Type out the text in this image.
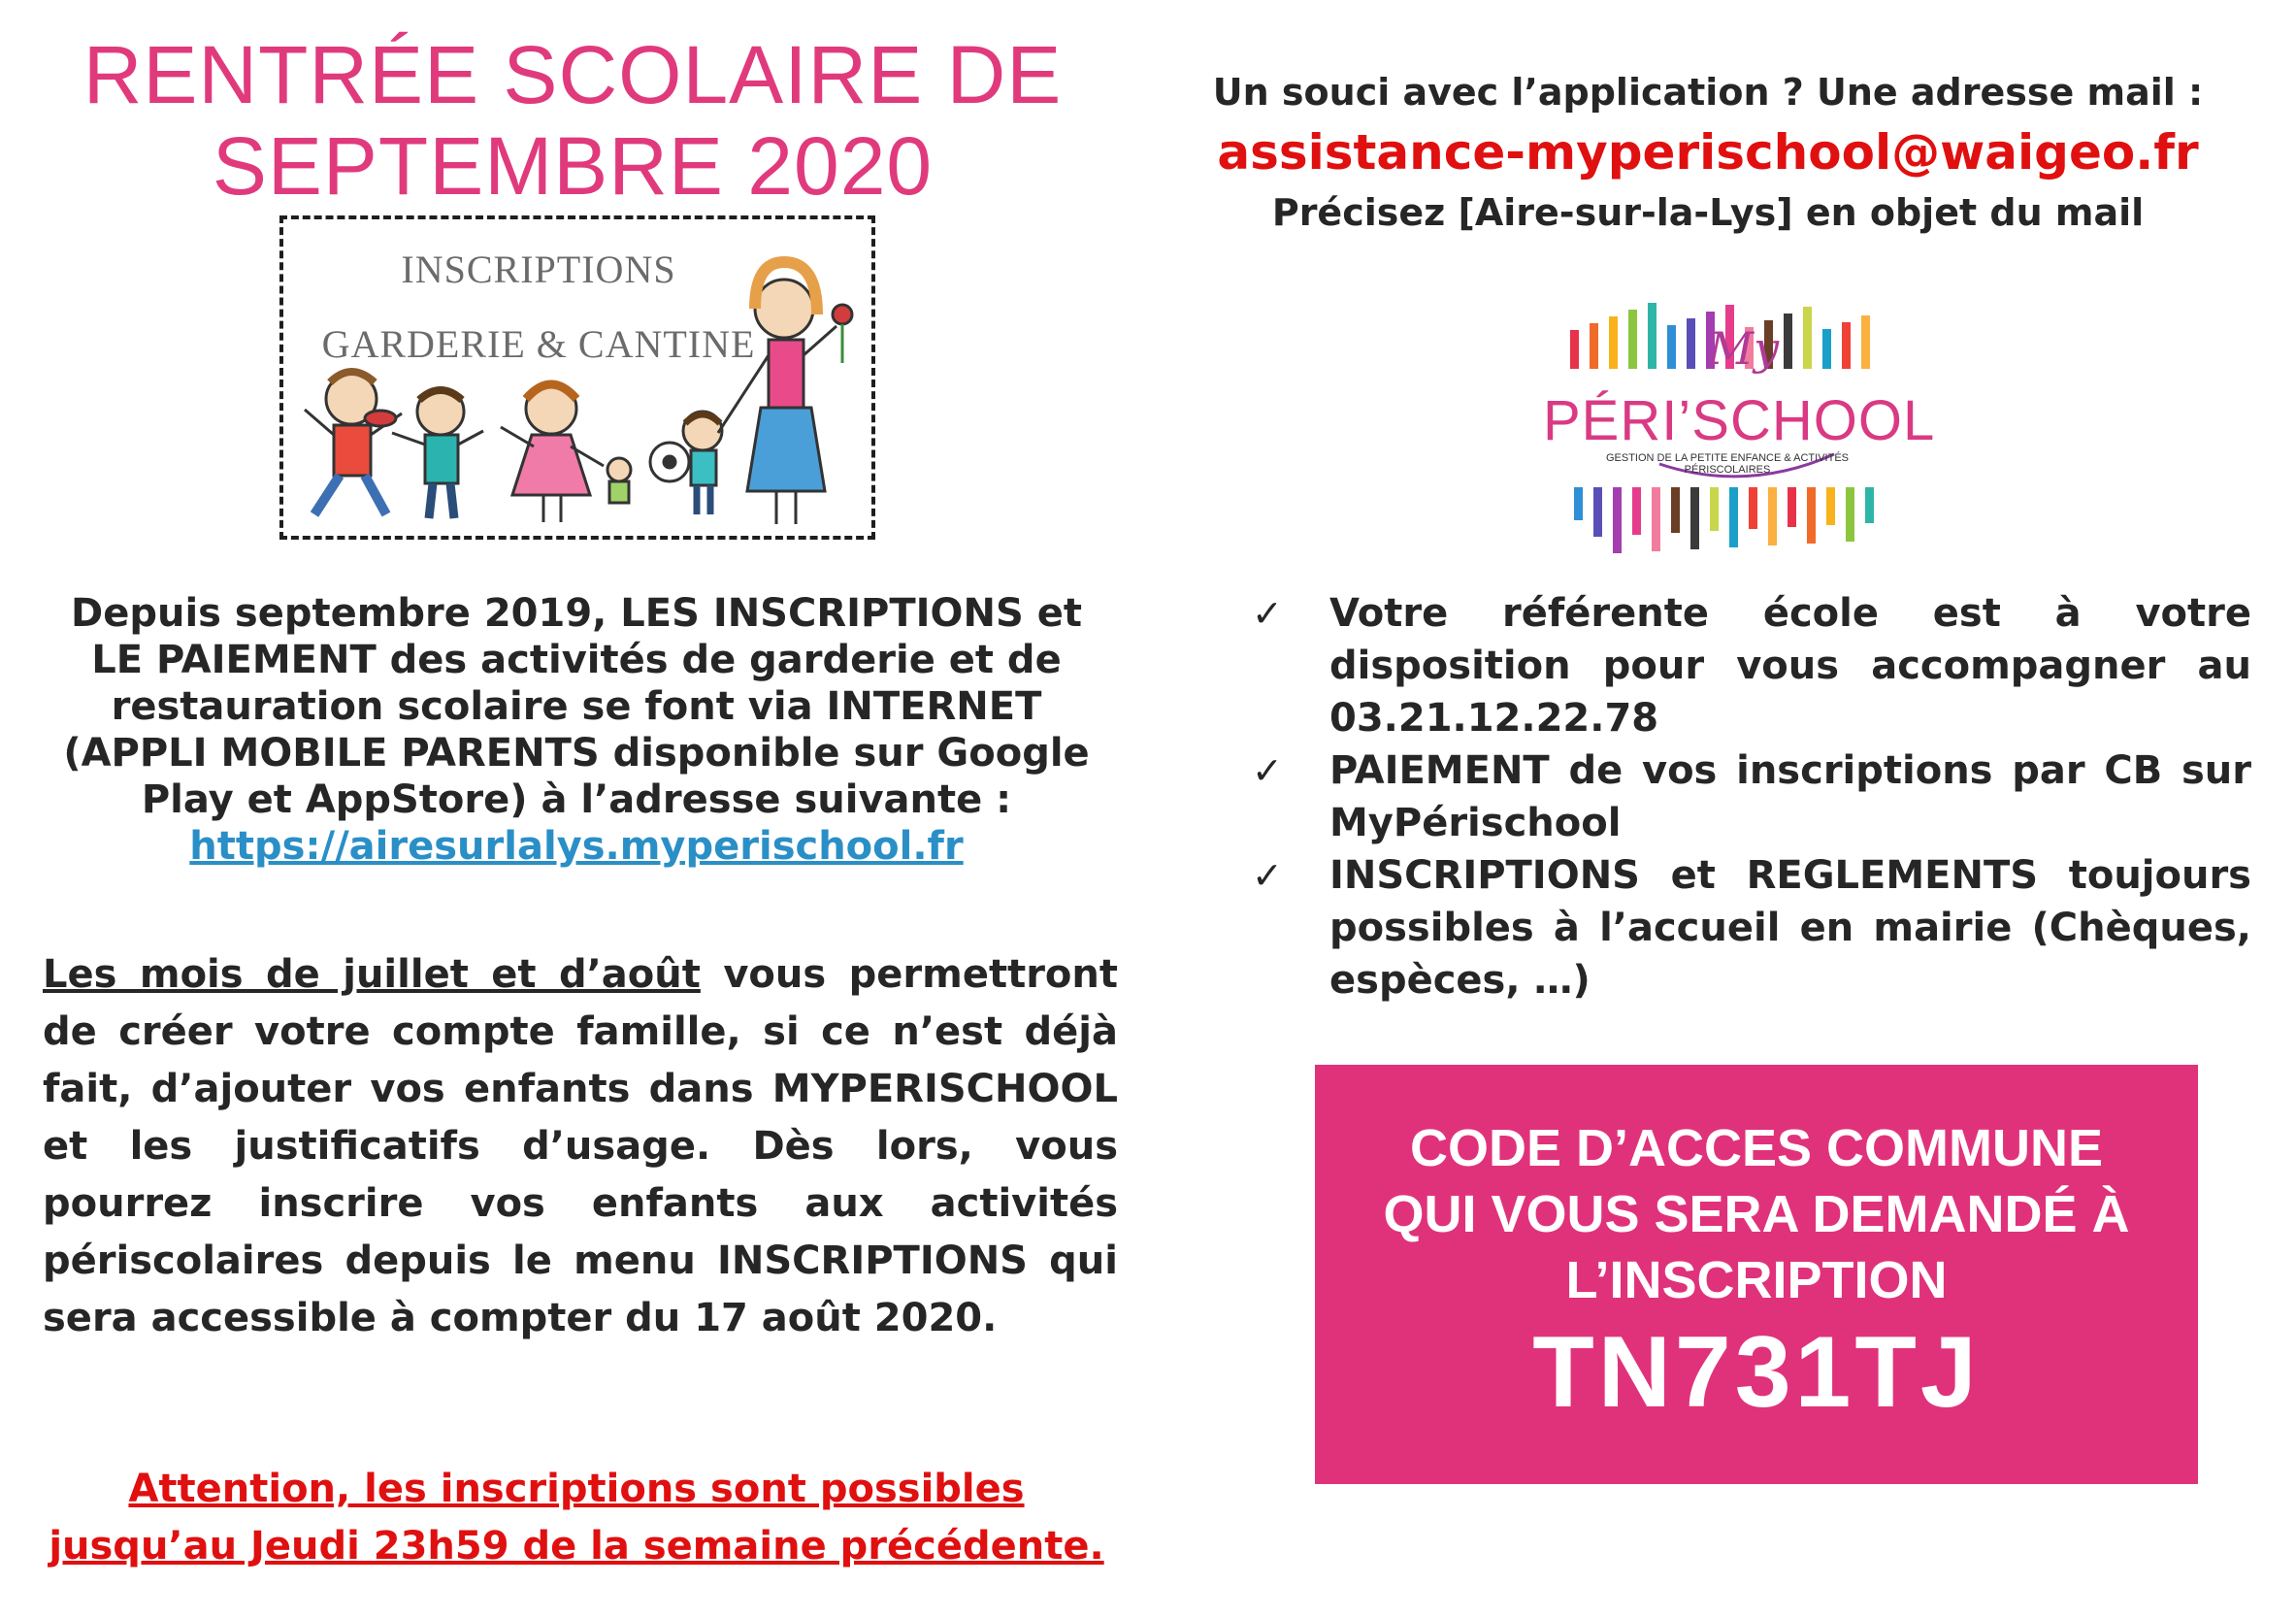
RENTRÉE SCOLAIRE DE
SEPTEMBRE 2020
INSCRIPTIONS
GARDERIE & CANTINE
Depuis septembre 2019, LES INSCRIPTIONS et LE PAIEMENT des activités de garderie et de restauration scolaire se font via INTERNET (APPLI MOBILE PARENTS disponible sur Google Play et AppStore) à l’adresse suivante :
https://airesurlalys.myperischool.fr
Les mois de juillet et d’août vous permettront de créer votre compte famille, si ce n’est déjà fait, d’ajouter vos enfants dans MYPERISCHOOL et les justificatifs d’usage. Dès lors, vous pourrez inscrire vos enfants aux activités périscolaires depuis le menu INSCRIPTIONS qui sera accessible à compter du 17 août 2020.
Attention, les inscriptions sont possibles jusqu’au Jeudi 23h59 de la semaine précédente.
Un souci avec l’application ? Une adresse mail :
assistance-myperischool@waigeo.fr
Précisez [Aire-sur-la-Lys] en objet du mail
My
PÉRI’SCHOOL
GESTION DE LA PETITE ENFANCE & ACTIVITÉS PÉRISCOLAIRES
✓ Votre référente école est à votre disposition pour vous accompagner au 03.21.12.22.78
✓ PAIEMENT de vos inscriptions par CB sur MyPérischool
✓ INSCRIPTIONS et REGLEMENTS toujours possibles à l’accueil en mairie (Chèques, espèces, …)
CODE D’ACCES COMMUNE
QUI VOUS SERA DEMANDÉ À
L’INSCRIPTION
TN731TJ
